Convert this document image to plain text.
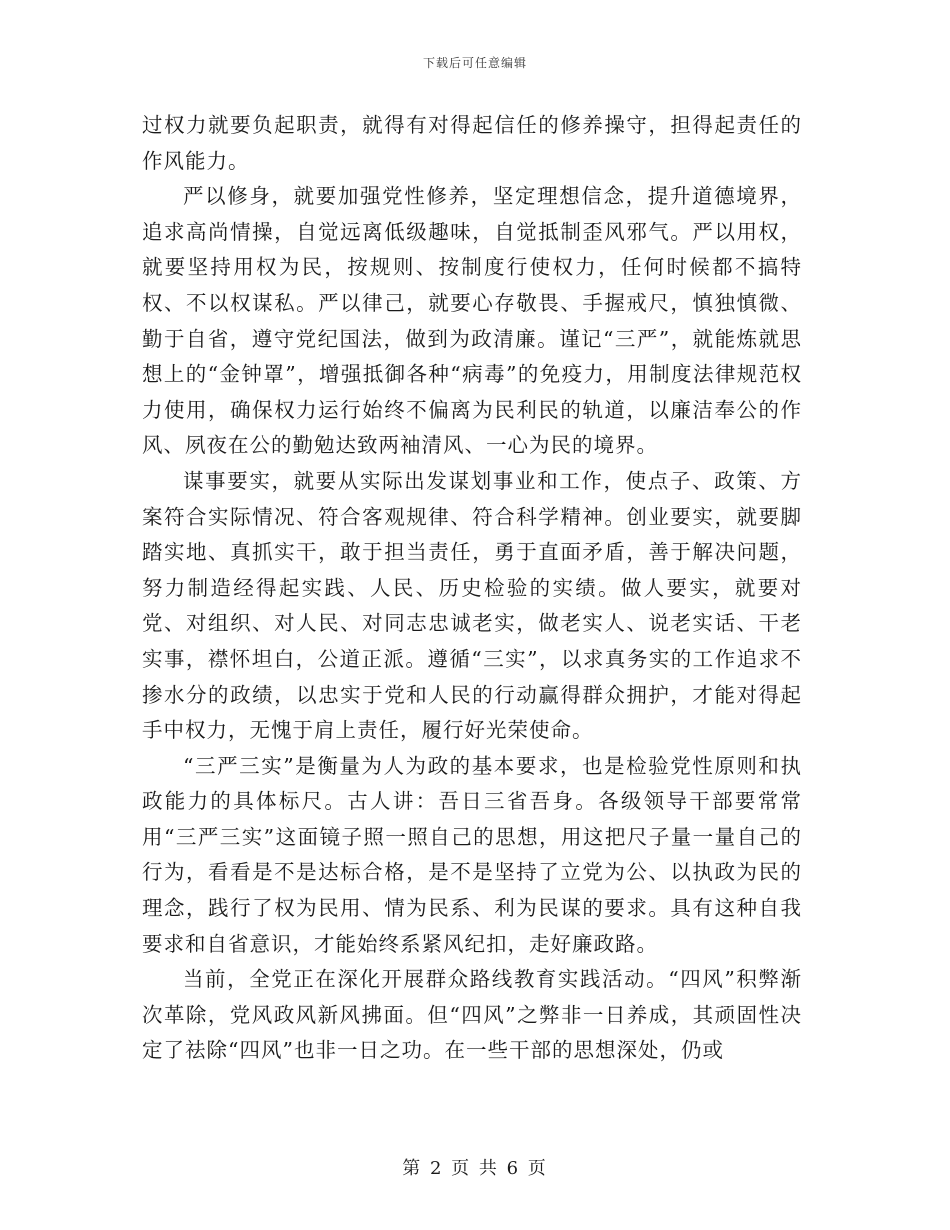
下载后可任意编辑

过权力就要负起职责，就得有对得起信任的修养操守，担得起责任的作风能力。

严以修身，就要加强党性修养，坚定理想信念，提升道德境界，追求高尚情操，自觉远离低级趣味，自觉抵制歪风邪气。严以用权，就要坚持用权为民，按规则、按制度行使权力，任何时候都不搞特权、不以权谋私。严以律己，就要心存敬畏、手握戒尺，慎独慎微、勤于自省，遵守党纪国法，做到为政清廉。谨记“三严”，就能炼就思想上的“金钟罩”，增强抵御各种“病毒”的免疫力，用制度法律规范权力使用，确保权力运行始终不偏离为民利民的轨道，以廉洁奉公的作风、夙夜在公的勤勉达致两袖清风、一心为民的境界。

谋事要实，就要从实际出发谋划事业和工作，使点子、政策、方案符合实际情况、符合客观规律、符合科学精神。创业要实，就要脚踏实地、真抓实干，敢于担当责任，勇于直面矛盾，善于解决问题，努力制造经得起实践、人民、历史检验的实绩。做人要实，就要对党、对组织、对人民、对同志忠诚老实，做老实人、说老实话、干老实事，襟怀坦白，公道正派。遵循“三实”，以求真务实的工作追求不掺水分的政绩，以忠实于党和人民的行动赢得群众拥护，才能对得起手中权力，无愧于肩上责任，履行好光荣使命。

“三严三实”是衡量为人为政的基本要求，也是检验党性原则和执政能力的具体标尺。古人讲：吾日三省吾身。各级领导干部要常常用“三严三实”这面镜子照一照自己的思想，用这把尺子量一量自己的行为，看看是不是达标合格，是不是坚持了立党为公、以执政为民的理念，践行了权为民用、情为民系、利为民谋的要求。具有这种自我要求和自省意识，才能始终系紧风纪扣，走好廉政路。

当前，全党正在深化开展群众路线教育实践活动。“四风”积弊渐次革除，党风政风新风拂面。但“四风”之弊非一日养成，其顽固性决定了祛除“四风”也非一日之功。在一些干部的思想深处，仍或

第 2 页 共 6 页
